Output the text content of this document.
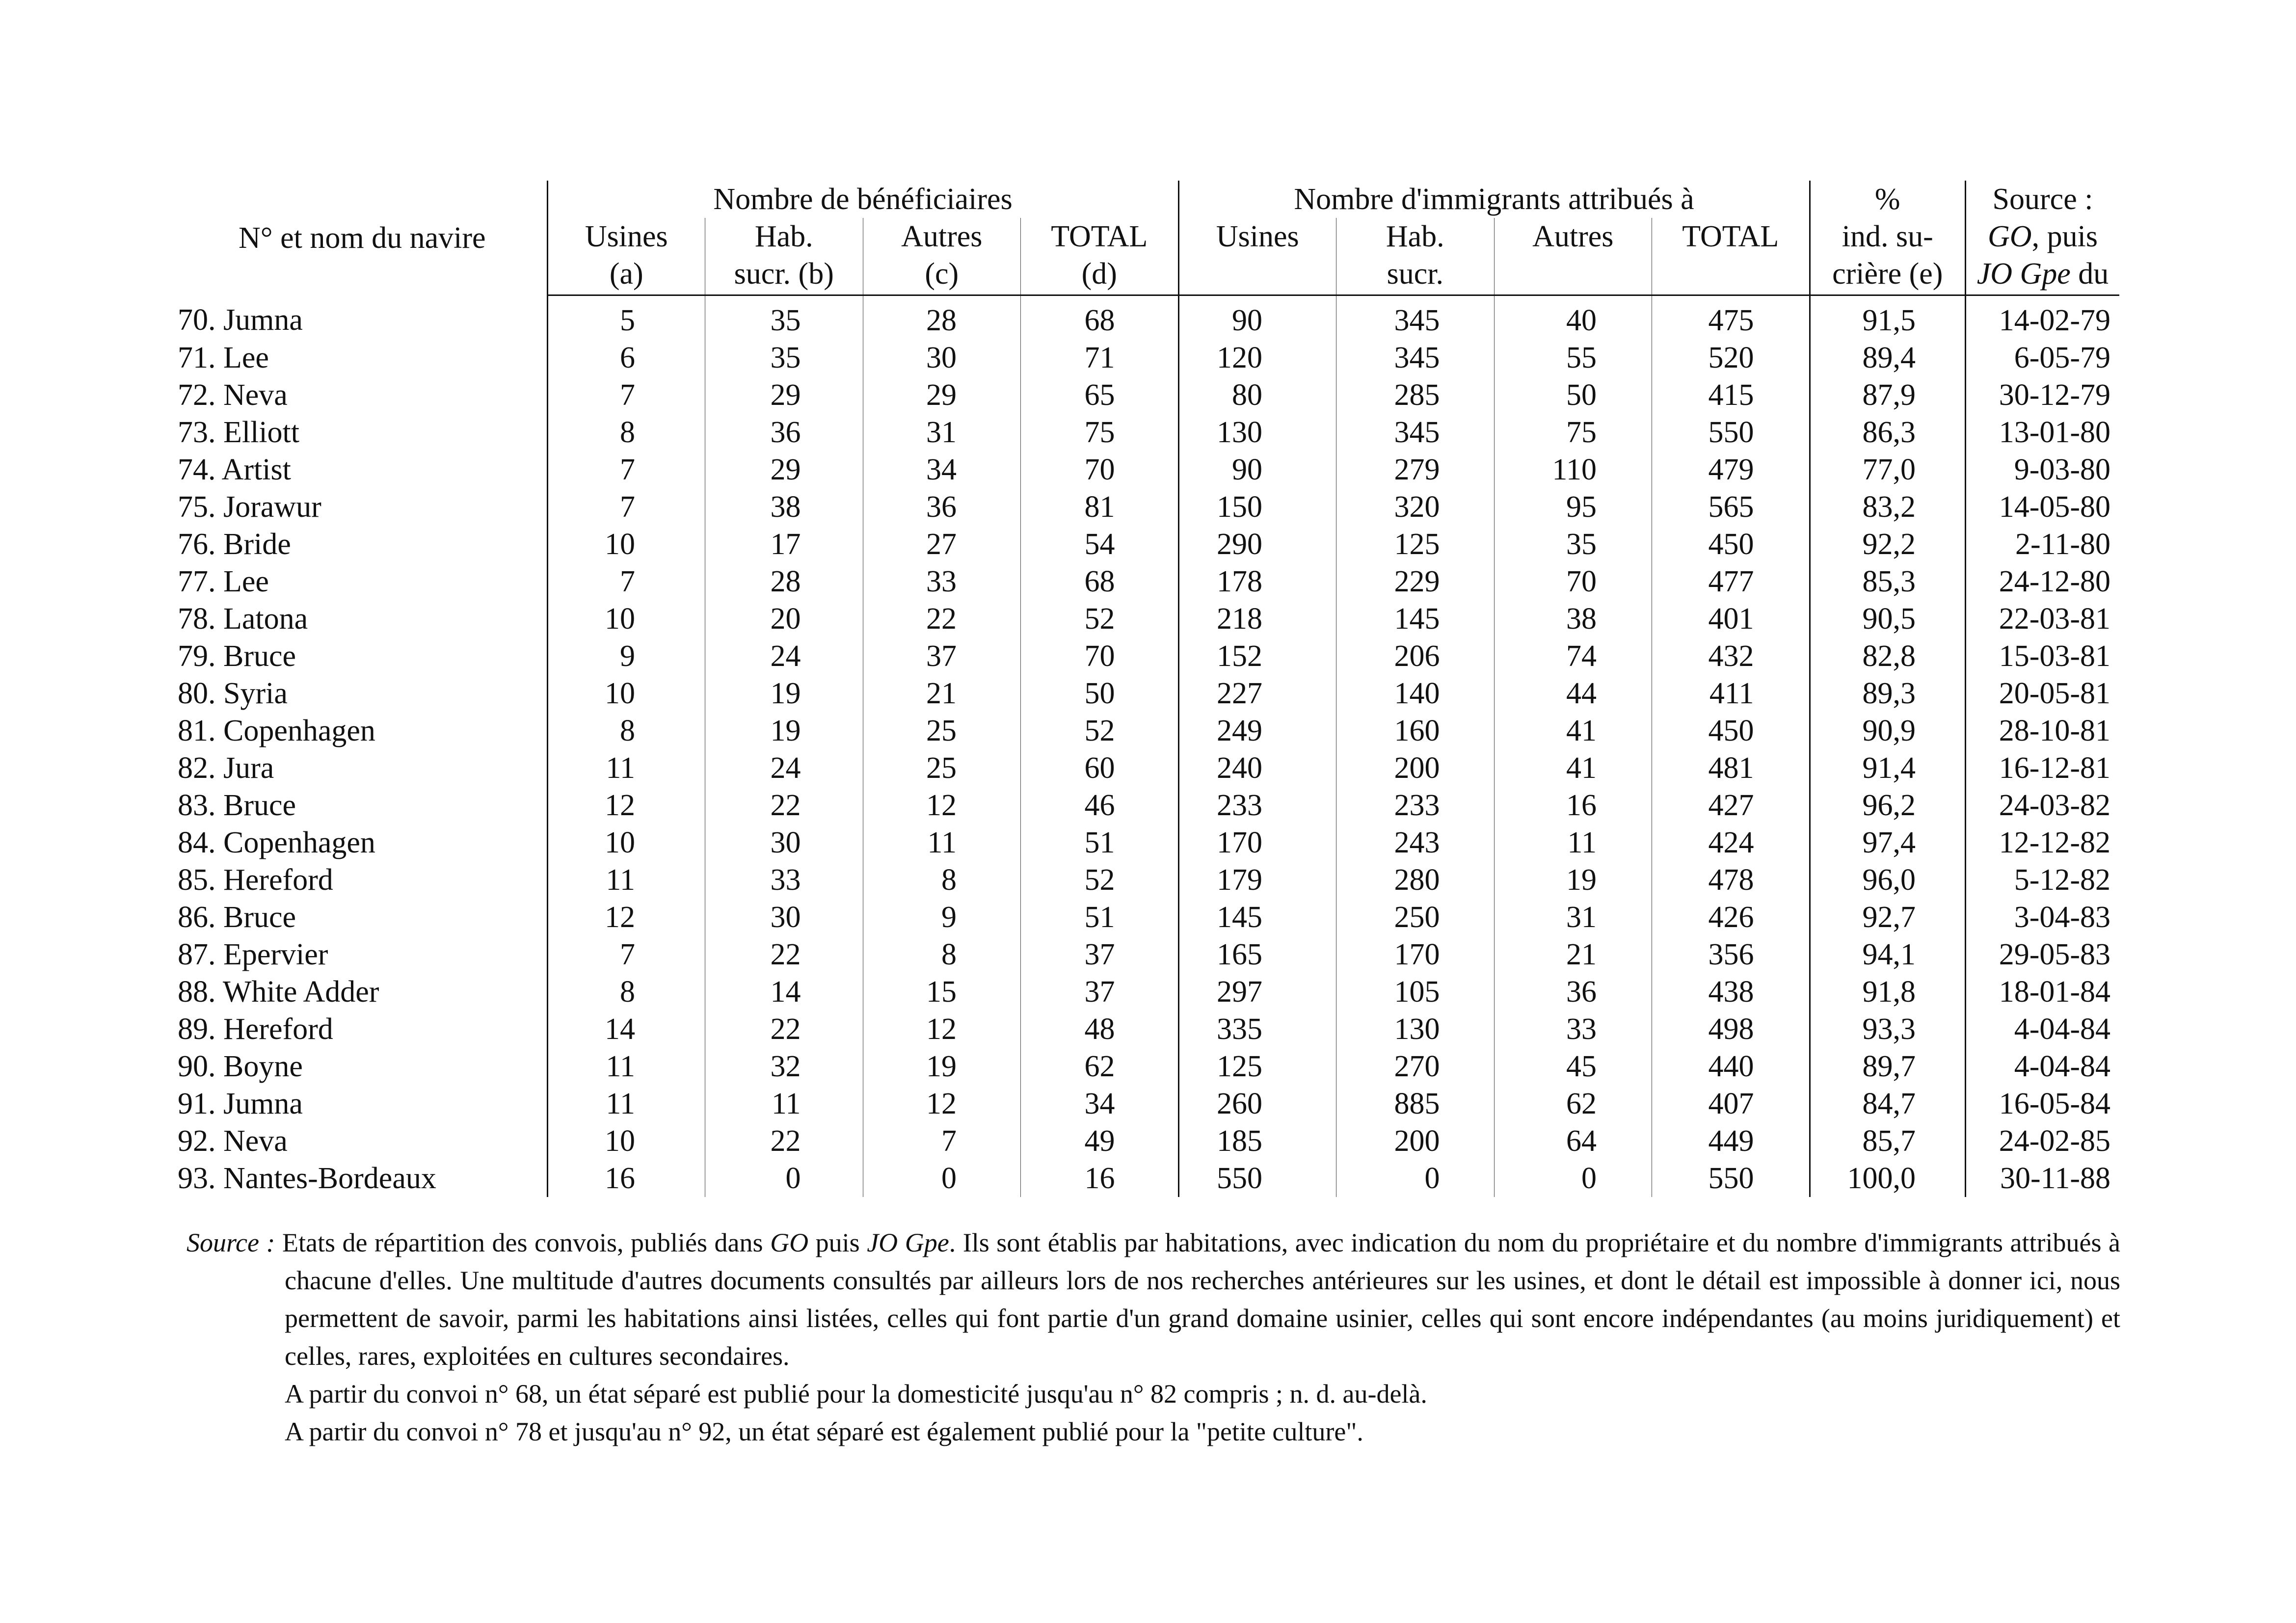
N° et nom du navire	Nombre de bénéficiaires				Nombre d'immigrants attribués à				%	Source :
	Usines	Hab.	Autres	TOTAL	Usines	Hab.	Autres	TOTAL	ind. su-	GO, puis
	(a)	sucr. (b)	(c)	(d)		sucr.			crière (e)	JO Gpe du
70. Jumna	5	35	28	68	90	345	40	475	91,5	14-02-79
71. Lee	6	35	30	71	120	345	55	520	89,4	6-05-79
72. Neva	7	29	29	65	80	285	50	415	87,9	30-12-79
73. Elliott	8	36	31	75	130	345	75	550	86,3	13-01-80
74. Artist	7	29	34	70	90	279	110	479	77,0	9-03-80
75. Jorawur	7	38	36	81	150	320	95	565	83,2	14-05-80
76. Bride	10	17	27	54	290	125	35	450	92,2	2-11-80
77. Lee	7	28	33	68	178	229	70	477	85,3	24-12-80
78. Latona	10	20	22	52	218	145	38	401	90,5	22-03-81
79. Bruce	9	24	37	70	152	206	74	432	82,8	15-03-81
80. Syria	10	19	21	50	227	140	44	411	89,3	20-05-81
81. Copenhagen	8	19	25	52	249	160	41	450	90,9	28-10-81
82. Jura	11	24	25	60	240	200	41	481	91,4	16-12-81
83. Bruce	12	22	12	46	233	233	16	427	96,2	24-03-82
84. Copenhagen	10	30	11	51	170	243	11	424	97,4	12-12-82
85. Hereford	11	33	8	52	179	280	19	478	96,0	5-12-82
86. Bruce	12	30	9	51	145	250	31	426	92,7	3-04-83
87. Epervier	7	22	8	37	165	170	21	356	94,1	29-05-83
88. White Adder	8	14	15	37	297	105	36	438	91,8	18-01-84
89. Hereford	14	22	12	48	335	130	33	498	93,3	4-04-84
90. Boyne	11	32	19	62	125	270	45	440	89,7	4-04-84
91. Jumna	11	11	12	34	260	885	62	407	84,7	16-05-84
92. Neva	10	22	7	49	185	200	64	449	85,7	24-02-85
93. Nantes-Bordeaux	16	0	0	16	550	0	0	550	100,0	30-11-88

Source : Etats de répartition des convois, publiés dans GO puis JO Gpe. Ils sont établis par habitations, avec indication du nom du propriétaire et du nombre d'immigrants attribués à chacune d'elles. Une multitude d'autres documents consultés par ailleurs lors de nos recherches antérieures sur les usines, et dont le détail est impossible à donner ici, nous permettent de savoir, parmi les habitations ainsi listées, celles qui font partie d'un grand domaine usinier, celles qui sont encore indépendantes (au moins juridiquement) et celles, rares, exploitées en cultures secondaires.

A partir du convoi n° 68, un état séparé est publié pour la domesticité jusqu'au n° 82 compris ; n. d. au-delà.

A partir du convoi n° 78 et jusqu'au n° 92, un état séparé est également publié pour la "petite culture".
